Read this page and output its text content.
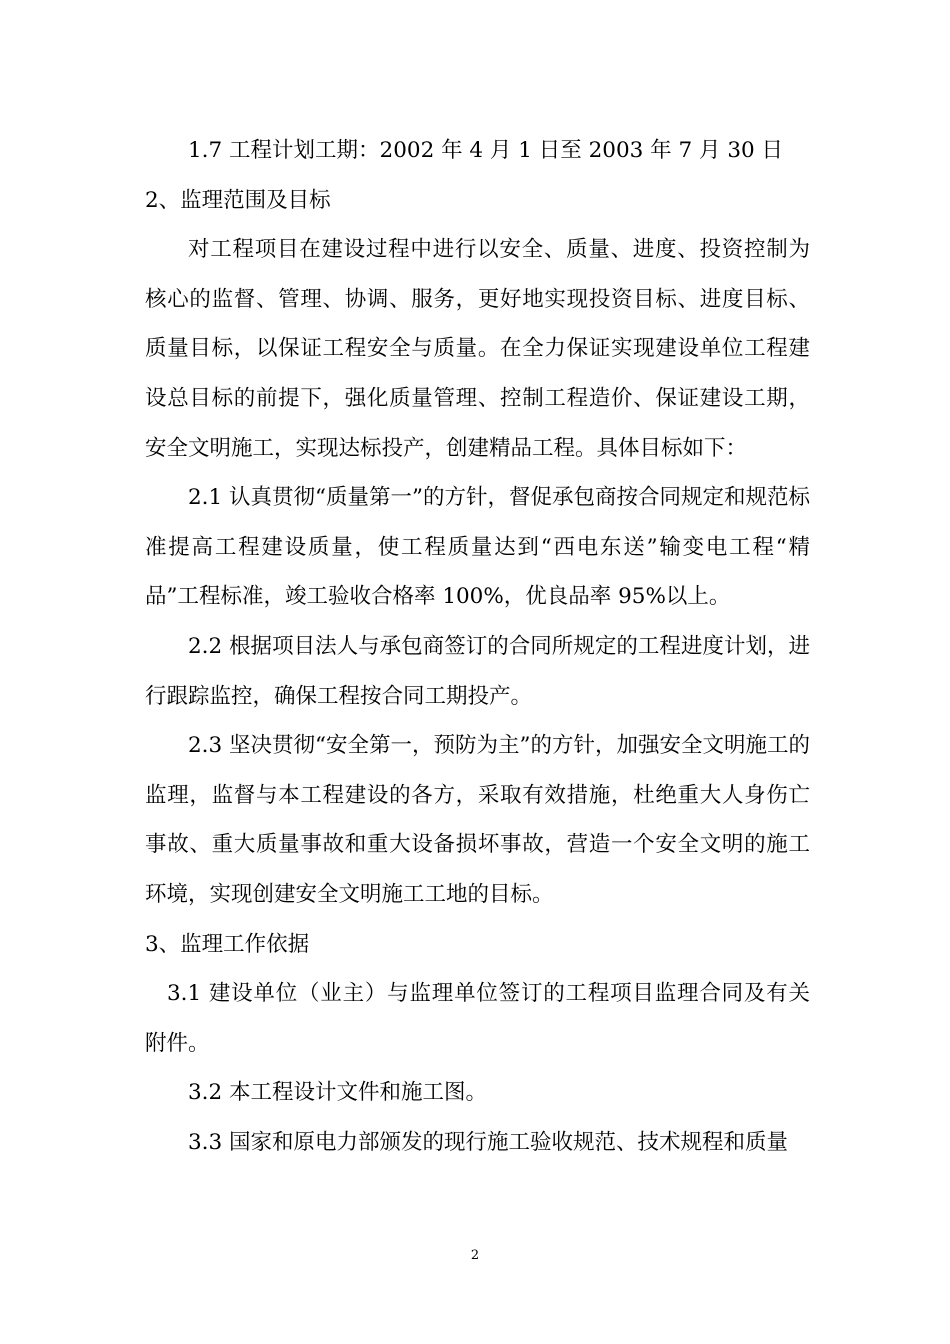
1.7 工程计划工期：2002 年 4 月 1 日至 2003 年 7 月 30 日

2、监理范围及目标

对工程项目在建设过程中进行以安全、质量、进度、投资控制为核心的监督、管理、协调、服务，更好地实现投资目标、进度目标、质量目标，以保证工程安全与质量。在全力保证实现建设单位工程建设总目标的前提下，强化质量管理、控制工程造价、保证建设工期，安全文明施工，实现达标投产，创建精品工程。具体目标如下：

2.1 认真贯彻“质量第一”的方针，督促承包商按合同规定和规范标准提高工程建设质量，使工程质量达到“西电东送”输变电工程“精品”工程标准，竣工验收合格率 100%，优良品率 95%以上。

2.2 根据项目法人与承包商签订的合同所规定的工程进度计划，进行跟踪监控，确保工程按合同工期投产。

2.3 坚决贯彻“安全第一，预防为主”的方针，加强安全文明施工的监理，监督与本工程建设的各方，采取有效措施，杜绝重大人身伤亡事故、重大质量事故和重大设备损坏事故，营造一个安全文明的施工环境，实现创建安全文明施工工地的目标。

3、监理工作依据

3.1 建设单位（业主）与监理单位签订的工程项目监理合同及有关附件。

3.2 本工程设计文件和施工图。

3.3 国家和原电力部颁发的现行施工验收规范、技术规程和质量

2
